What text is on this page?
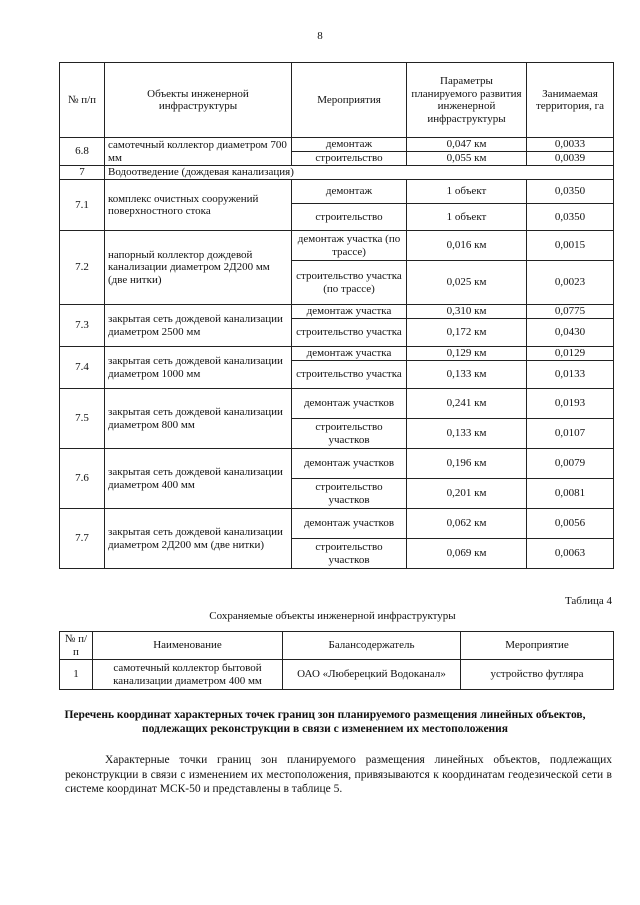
8
№ п/п	Объекты инженерной инфраструктуры	Мероприятия	Параметры планируемого развития инженерной инфраструктуры	Занимаемая территория, га
6.8	самотечный коллектор диаметром 700 мм	демонтаж	0,047 км	0,0033
		строительство	0,055 км	0,0039
7	Водоотведение (дождевая канализация)			
7.1	комплекс очистных сооружений поверхностного стока	демонтаж	1 объект	0,0350
		строительство	1 объект	0,0350
7.2	напорный коллектор дождевой канализации диаметром 2Д200 мм (две нитки)	демонтаж участка (по трассе)	0,016 км	0,0015
		строительство участка (по трассе)	0,025 км	0,0023
7.3	закрытая сеть дождевой канализации диаметром 2500 мм	демонтаж участка	0,310 км	0,0775
		строительство участка	0,172 км	0,0430
7.4	закрытая сеть дождевой канализации диаметром 1000 мм	демонтаж участка	0,129 км	0,0129
		строительство участка	0,133 км	0,0133
7.5	закрытая сеть дождевой канализации диаметром 800 мм	демонтаж участков	0,241 км	0,0193
		строительство участков	0,133 км	0,0107
7.6	закрытая сеть дождевой канализации диаметром 400 мм	демонтаж участков	0,196 км	0,0079
		строительство участков	0,201 км	0,0081
7.7	закрытая сеть дождевой канализации диаметром 2Д200 мм (две нитки)	демонтаж участков	0,062 км	0,0056
		строительство участков	0,069 км	0,0063
Таблица 4
Сохраняемые объекты инженерной инфраструктуры
№ п/п	Наименование	Балансодержатель	Мероприятие
1	самотечный коллектор бытовой канализации диаметром 400 мм	ОАО «Люберецкий Водоканал»	устройство футляра
Перечень координат характерных точек границ зон планируемого размещения линейных объектов, подлежащих реконструкции в связи с изменением их местоположения
Характерные точки границ зон планируемого размещения линейных объектов, подлежащих реконструкции в связи с изменением их местоположения, привязываются к координатам геодезической сети в системе координат МСК-50 и представлены в таблице 5.
